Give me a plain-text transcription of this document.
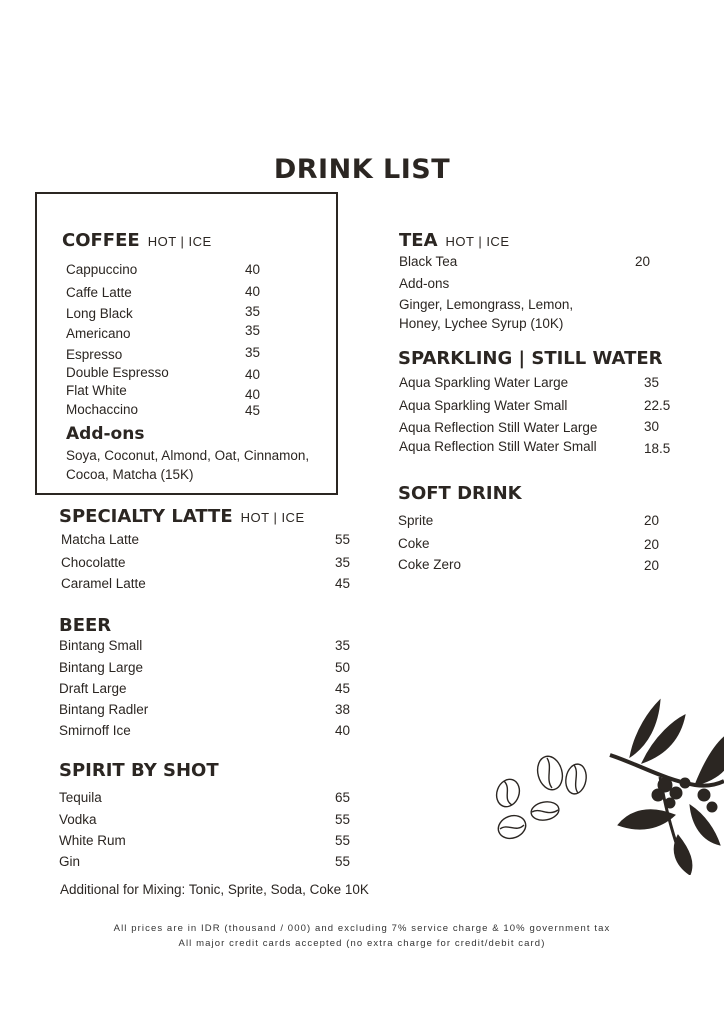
DRINK LIST
COFFEE HOT | ICE
Cappuccino	40
Caffe Latte	40
Long Black	35
Americano	35
Espresso	35
Double Espresso	40
Flat White	40
Mochaccino	45
Add-ons
Soya, Coconut, Almond, Oat, Cinnamon,
Cocoa, Matcha (15K)
SPECIALTY LATTE HOT | ICE
Matcha Latte	55
Chocolatte	35
Caramel Latte	45
BEER
Bintang Small	35
Bintang Large	50
Draft Large	45
Bintang Radler	38
Smirnoff Ice	40
SPIRIT BY SHOT
Tequila	65
Vodka	55
White Rum	55
Gin	55
Additional for Mixing: Tonic, Sprite, Soda, Coke 10K
TEA HOT | ICE
Black Tea	20
Add-ons
Ginger, Lemongrass, Lemon,
Honey, Lychee Syrup (10K)
SPARKLING | STILL WATER
Aqua Sparkling Water Large	35
Aqua Sparkling Water Small	22.5
Aqua Reflection Still Water Large	30
Aqua Reflection Still Water Small	18.5
SOFT DRINK
Sprite	20
Coke	20
Coke Zero	20
All prices are in IDR (thousand / 000) and excluding 7% service charge & 10% government tax
All major credit cards accepted (no extra charge for credit/debit card)
